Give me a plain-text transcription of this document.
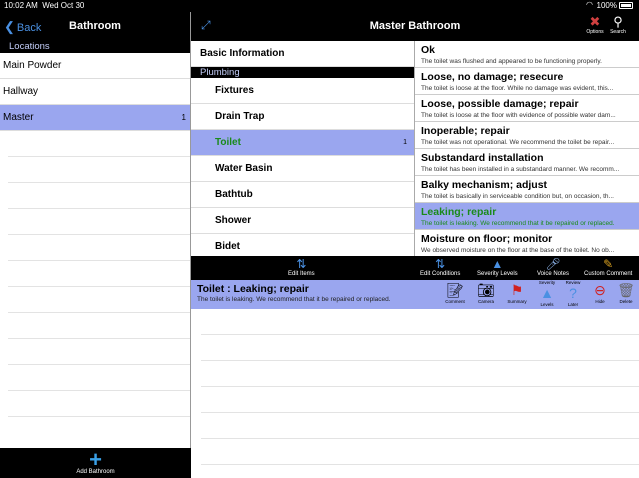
10:02 AM Wed Oct 30	◠ 100%
❮ Back	Bathroom
Locations
Main Powder
Hallway
Master	1
+
Add Bathroom
⤢	Master Bathroom	✖
Options
⚲
Search
Basic Information
Plumbing
Fixtures
Drain Trap
Toilet	1
Water Basin
Bathtub
Shower
Bidet
Ok
The toilet was flushed and appeared to be functioning properly.
Loose, no damage; resecure
The toilet is loose at the floor. While no damage was evident, this...
Loose, possible damage; repair
The toilet is loose at the floor with evidence of possible water dam...
Inoperable; repair
The toilet was not operational. We recommend the toilet be repair...
Substandard installation
The toilet has been installed in a substandard manner. We recomm...
Balky mechanism; adjust
The toilet is basically in serviceable condition but, on occasion, th...
Leaking; repair
The toilet is leaking. We recommend that it be repaired or replaced.
Moisture on floor; monitor
We observed moisture on the floor at the base of the toilet. No ob...
⇅
Edit Items
⇅
Edit Conditions
▲
Severity Levels
🎤︎
Voice Notes
✎
Custom Comment
Toilet : Leaking; repair
The toilet is leaking. We recommend that it be repaired or replaced.
📝︎
Comment
📷︎
Camera
⚑
Summary
Severity
▲
Levels
Review
?
Later
⊖
Hide
🗑︎
Delete
